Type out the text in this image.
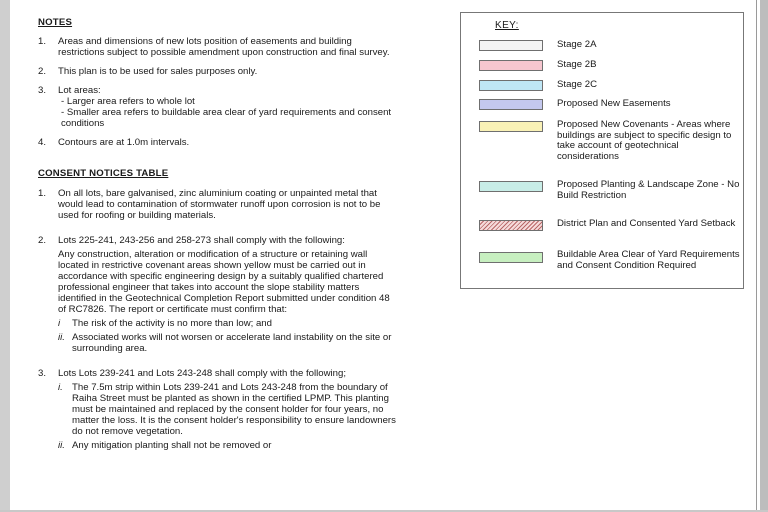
NOTES
1.	Areas and dimensions of new lots position of easements and building restrictions subject to possible amendment upon construction and final survey.
2.	This plan is to be used for sales purposes only.
3.	Lot areas:
- Larger area refers to whole lot
- Smaller area refers to buildable area clear of yard requirements and consent conditions
4.	Contours are at 1.0m intervals.
CONSENT NOTICES TABLE
1.	On all lots, bare galvanised, zinc aluminium coating or unpainted metal that would lead to contamination of stormwater runoff upon corrosion is not to be used for roofing or building materials.
2.	Lots 225-241, 243-256 and 258-273 shall comply with the following:
Any construction, alteration or modification of a structure or retaining wall located in restrictive covenant areas shown yellow must be carried out in accordance with specific engineering design by a suitably qualified chartered professional engineer that takes into account the slope stability matters identified in the Geotechnical Completion Report submitted under condition 48 of RC7826. The report or certificate must confirm that:
i	The risk of the activity is no more than low; and
ii. Associated works will not worsen or accelerate land instability on the site or surrounding area.
3.	Lots Lots 239-241 and Lots 243-248 shall comply with the following;
i. The 7.5m strip within Lots 239-241 and Lots 243-248 from the boundary of Raiha Street must be planted as shown in the certified LPMP. This planting must be maintained and replaced by the consent holder for four years, no matter the loss. It is the consent holder's responsibility to ensure landowners do not remove vegetation.
ii. Any mitigation planting shall not be removed or
KEY:
Stage 2A
Stage 2B
Stage 2C
Proposed New Easements
Proposed New Covenants - Areas where buildings are subject to specific design to take account of geotechnical considerations
Proposed Planting & Landscape Zone - No Build Restriction
District Plan and Consented Yard Setback
Buildable Area Clear of Yard Requirements and Consent Condition Required
